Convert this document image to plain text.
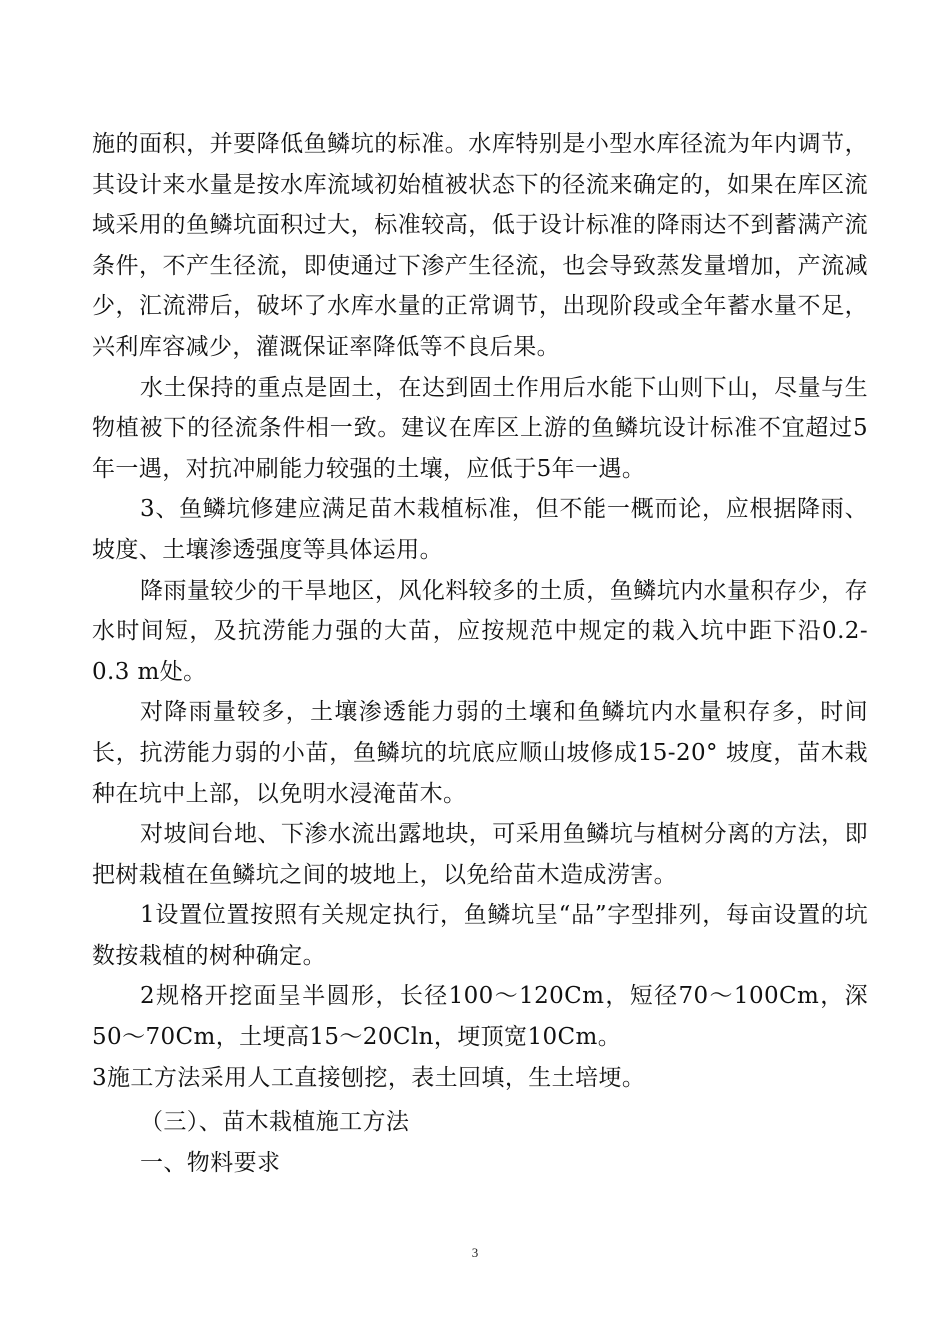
施的面积，并要降低鱼鳞坑的标准。水库特别是小型水库径流为年内调节，其设计来水量是按水库流域初始植被状态下的径流来确定的，如果在库区流域采用的鱼鳞坑面积过大，标准较高，低于设计标准的降雨达不到蓄满产流条件，不产生径流，即使通过下渗产生径流，也会导致蒸发量增加，产流减少，汇流滞后，破坏了水库水量的正常调节，出现阶段或全年蓄水量不足，兴利库容减少，灌溉保证率降低等不良后果。

水土保持的重点是固土，在达到固土作用后水能下山则下山，尽量与生物植被下的径流条件相一致。建议在库区上游的鱼鳞坑设计标准不宜超过5年一遇，对抗冲刷能力较强的土壤，应低于5年一遇。

3、鱼鳞坑修建应满足苗木栽植标准，但不能一概而论，应根据降雨、坡度、土壤渗透强度等具体运用。

降雨量较少的干旱地区，风化料较多的土质，鱼鳞坑内水量积存少，存水时间短，及抗涝能力强的大苗，应按规范中规定的栽入坑中距下沿0.2-0.3 m处。

对降雨量较多，土壤渗透能力弱的土壤和鱼鳞坑内水量积存多，时间长，抗涝能力弱的小苗，鱼鳞坑的坑底应顺山坡修成15-20° 坡度，苗木栽种在坑中上部，以免明水浸淹苗木。

对坡间台地、下渗水流出露地块，可采用鱼鳞坑与植树分离的方法，即把树栽植在鱼鳞坑之间的坡地上，以免给苗木造成涝害。

1设置位置按照有关规定执行，鱼鳞坑呈“品”字型排列，每亩设置的坑数按栽植的树种确定。

2规格开挖面呈半圆形，长径100～120Cm，短径70～100Cm，深50～70Cm，土埂高15～20Cln，埂顶宽10Cm。

3施工方法采用人工直接刨挖，表土回填，生土培埂。

（三）、苗木栽植施工方法

一、物料要求

3
